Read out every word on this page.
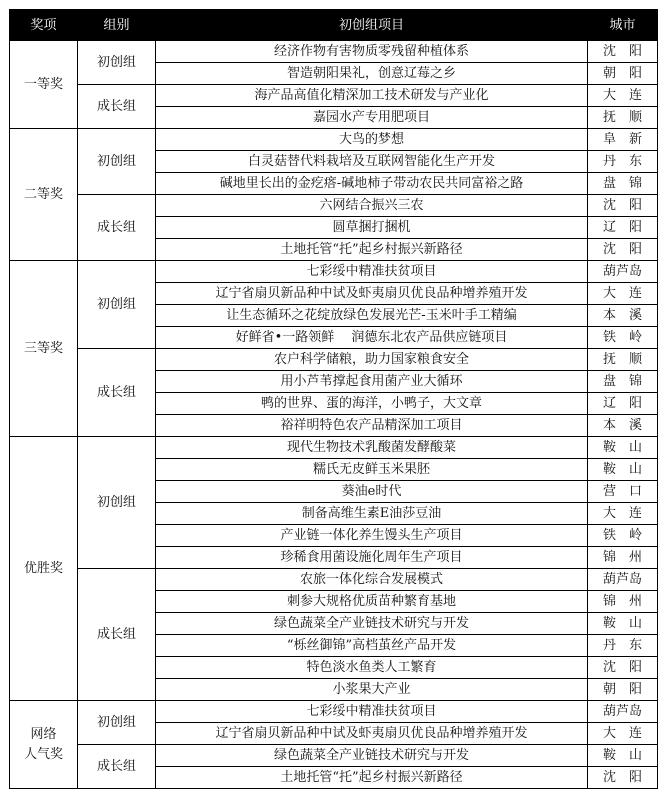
奖项	组别	初创组项目	城市
一等奖	初创组	经济作物有害物质零残留种植体系	沈　阳
		智造朝阳果礼，创意辽莓之乡	朝　阳
	成长组	海产品高值化精深加工技术研发与产业化	大　连
		嘉园水产专用肥项目	抚　顺
二等奖	初创组	大鸟的梦想	阜　新
		白灵菇替代料栽培及互联网智能化生产开发	丹　东
		碱地里长出的金疙瘩-碱地柿子带动农民共同富裕之路	盘　锦
	成长组	六网结合振兴三农	沈　阳
		圆草捆打捆机	辽　阳
		土地托管“托”起乡村振兴新路径	沈　阳
三等奖	初创组	七彩绥中精准扶贫项目	葫芦岛
		辽宁省扇贝新品种中试及虾夷扇贝优良品种增养殖开发	大　连
		让生态循环之花绽放绿色发展光芒-玉米叶手工精编	本　溪
		好鲜省•一路领鲜　 润德东北农产品供应链项目	铁　岭
	成长组	农户科学储粮，助力国家粮食安全	抚　顺
		用小芦苇撑起食用菌产业大循环	盘　锦
		鸭的世界、蛋的海洋，小鸭子，大文章	辽　阳
		裕祥明特色农产品精深加工项目	本　溪
优胜奖	初创组	现代生物技术乳酸菌发酵酸菜	鞍　山
		糯氏无皮鲜玉米果胚	鞍　山
		葵油e时代	营　口
		制备高维生素E油莎豆油	大　连
		产业链一体化养生馒头生产项目	铁　岭
		珍稀食用菌设施化周年生产项目	锦　州
	成长组	农旅一体化综合发展模式	葫芦岛
		刺参大规格优质苗种繁育基地	锦　州
		绿色蔬菜全产业链技术研究与开发	鞍　山
		“栎丝御锦”高档茧丝产品开发	丹　东
		特色淡水鱼类人工繁育	沈　阳
		小浆果大产业	朝　阳
网络
人气奖	初创组	七彩绥中精准扶贫项目	葫芦岛
		辽宁省扇贝新品种中试及虾夷扇贝优良品种增养殖开发	大　连
	成长组	绿色蔬菜全产业链技术研究与开发	鞍　山
		土地托管“托”起乡村振兴新路径	沈　阳
